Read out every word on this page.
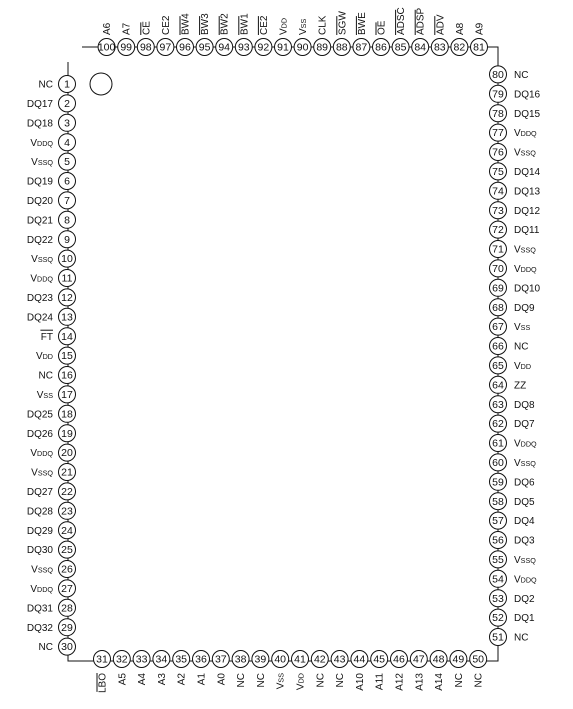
1
NC
2
DQ17
3
DQ18
4
VDDQ
5
VSSQ
6
DQ19
7
DQ20
8
DQ21
9
DQ22
10
VSSQ
11
VDDQ
12
DQ23
13
DQ24
14
FT
15
VDD
16
NC
17
VSS
18
DQ25
19
DQ26
20
VDDQ
21
VSSQ
22
DQ27
23
DQ28
24
DQ29
25
DQ30
26
VSSQ
27
VDDQ
28
DQ31
29
DQ32
30
NC
51 NC
52 DQ1
53 DQ2
54 VDDQ
55 VSSQ
56 DQ3
57 DQ4
58 DQ5
59 DQ6
60 VSSQ
61 VDDQ
62 DQ7
63 DQ8
64 ZZ
65 VDD
66 NC
67 VSS
68 DQ9
69 DQ10
70 VDDQ
71 VSSQ
72 DQ11
73 DQ12
74 DQ13
75 DQ14
76 VSSQ
77 VDDQ
78 DQ15
79 DQ16
80 NC
31
LBO
32
A5
33
A4
34
A3
35
A2
36
A1
37
A0
38
NC
39
NC
40
VSS
41
VDD
42
NC
43
NC
44
A10
45
A11
46
A12
47
A13
48
A14
49
NC
50
NC
81
A9
82
A8
83
ADV
84
ADSP
85
ADSC
86
OE
87
BWE
88
SGW
89
CLK
90
VSS
91
VDD
92
CE2
93
BW1
94
BW2
95
BW3
96
BW4
97
CE2
98
CE
99
A7
100
A6
